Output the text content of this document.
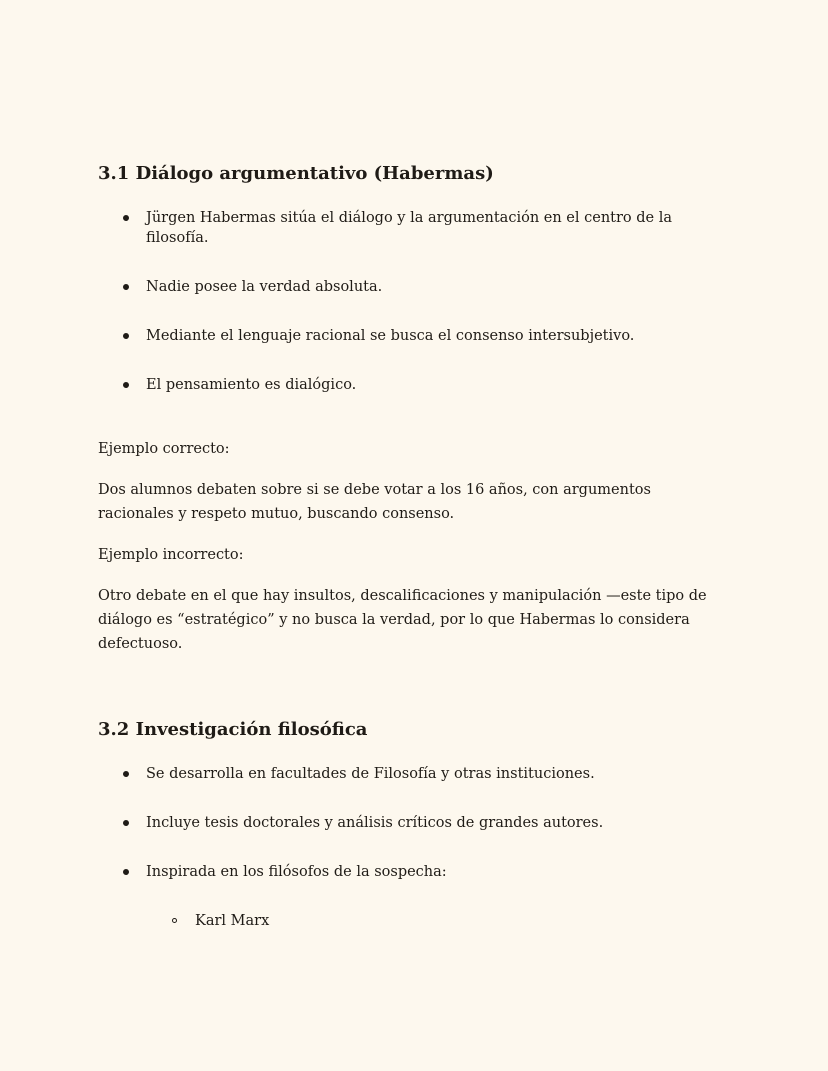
3.1 Diálogo argumentativo (Habermas)
Jürgen Habermas sitúa el diálogo y la argumentación en el centro de la filosofía.
Nadie posee la verdad absoluta.
Mediante el lenguaje racional se busca el consenso intersubjetivo.
El pensamiento es dialógico.

Ejemplo correcto:

Dos alumnos debaten sobre si se debe votar a los 16 años, con argumentos racionales y respeto mutuo, buscando consenso.

Ejemplo incorrecto:

Otro debate en el que hay insultos, descalificaciones y manipulación —este tipo de diálogo es “estratégico” y no busca la verdad, por lo que Habermas lo considera defectuoso.

3.2 Investigación filosófica
Se desarrolla en facultades de Filosofía y otras instituciones.
Incluye tesis doctorales y análisis críticos de grandes autores.
Inspirada en los filósofos de la sospecha:
Karl Marx
